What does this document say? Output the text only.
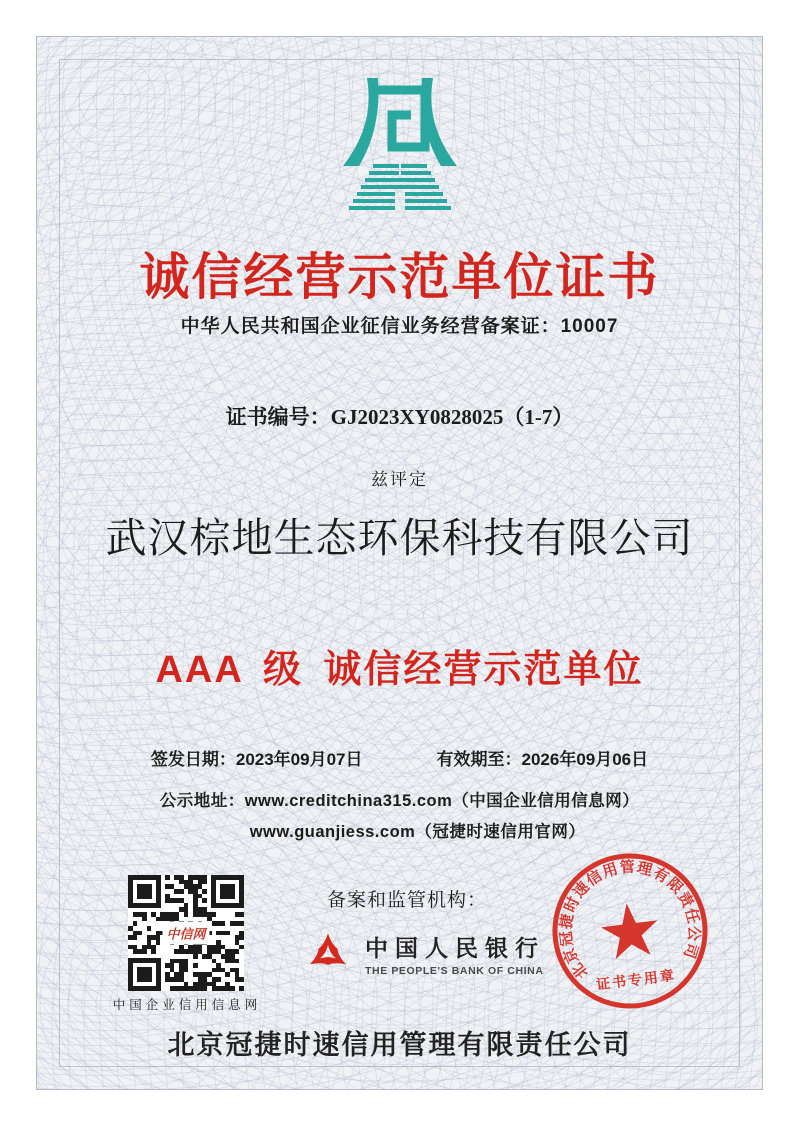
诚信经营示范单位证书
中华人民共和国企业征信业务经营备案证：10007
证书编号：GJ2023XY0828025（1-7）
兹评定
武汉棕地生态环保科技有限公司
AAA 级 诚信经营示范单位
签发日期：2023年09月07日	有效期至：2026年09月06日
公示地址：www.creditchina315.com（中国企业信用信息网）
www.guanjiess.com（冠捷时速信用官网）
中信网
中国企业信用信息网
备案和监管机构：
中国人民银行
THE PEOPLE'S BANK OF CHINA	北京冠捷时速信用管理有限责任公司
证书专用章
北京冠捷时速信用管理有限责任公司
